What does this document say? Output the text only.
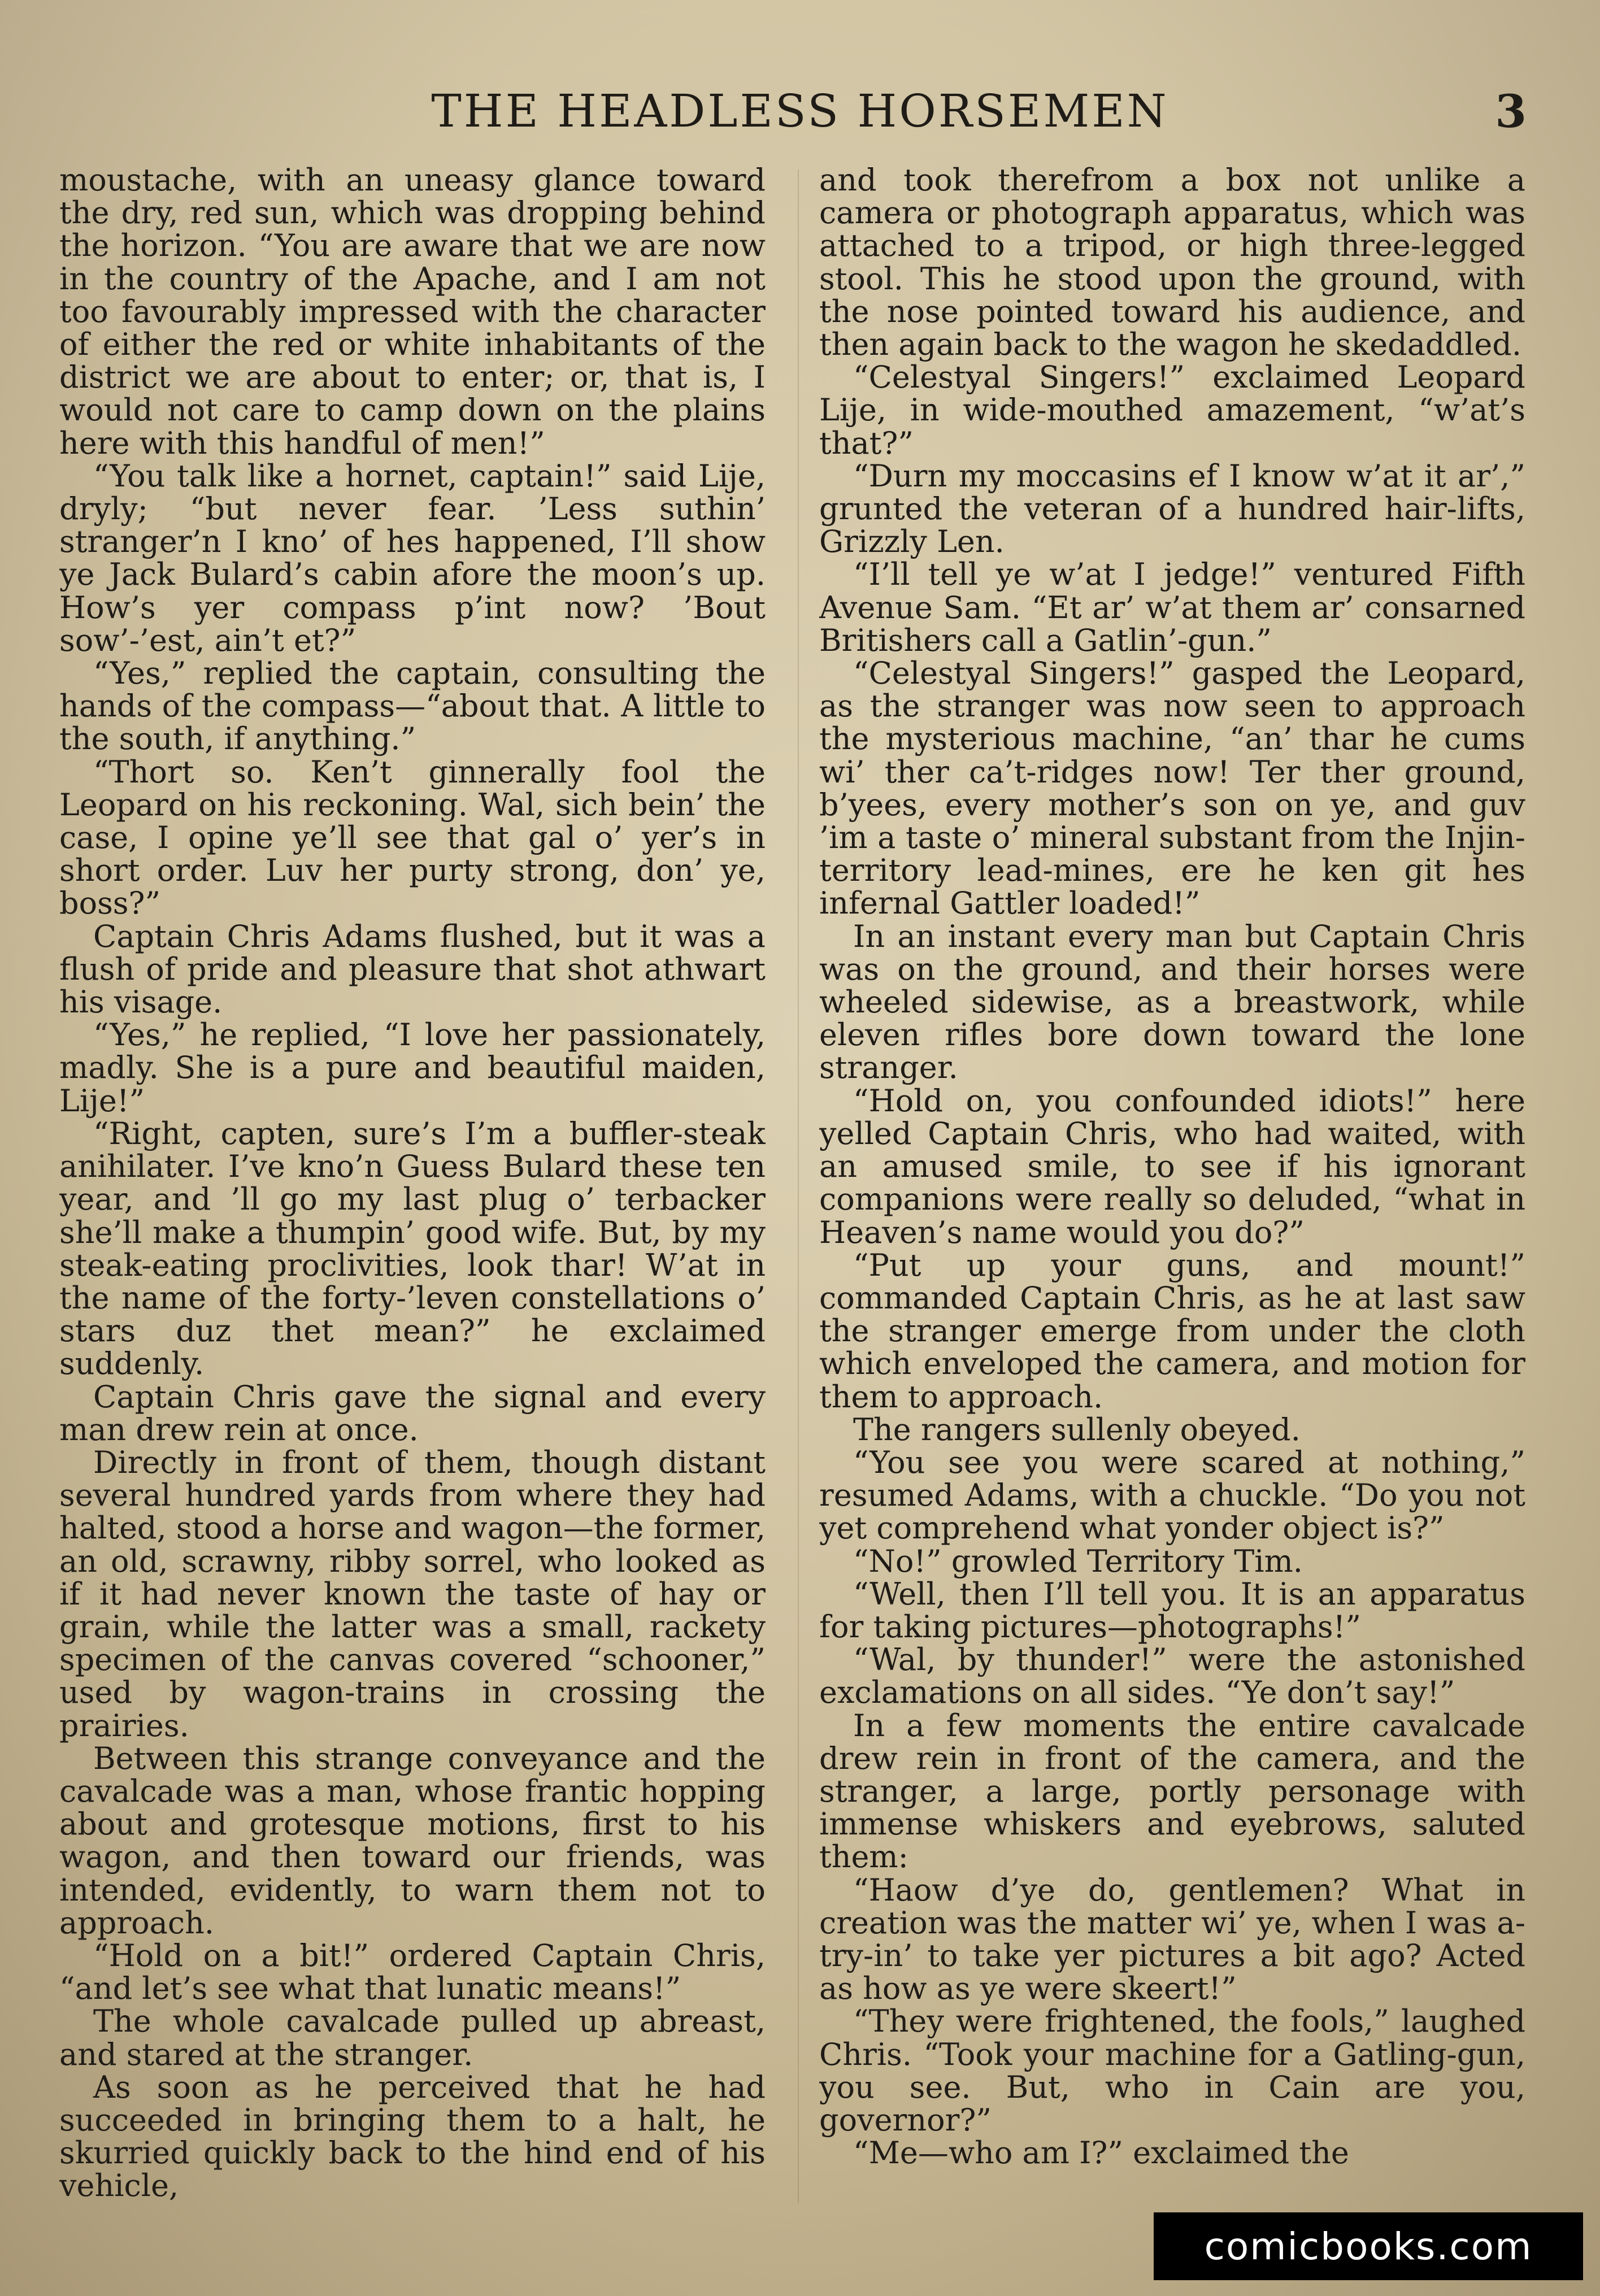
THE HEADLESS HORSEMEN	3

moustache, with an uneasy glance toward the dry, red sun, which was dropping behind the horizon. “You are aware that we are now in the country of the Apache, and I am not too favourably impressed with the character of either the red or white inhabitants of the district we are about to enter; or, that is, I would not care to camp down on the plains here with this handful of men!”

“You talk like a hornet, captain!” said Lije, dryly; “but never fear. ’Less suthin’ stranger’n I kno’ of hes happened, I’ll show ye Jack Bulard’s cabin afore the moon’s up. How’s yer compass p’int now? ’Bout sow’-’est, ain’t et?”

“Yes,” replied the captain, consulting the hands of the compass—“about that. A little to the south, if anything.”

“Thort so. Ken’t ginnerally fool the Leopard on his reckoning. Wal, sich bein’ the case, I opine ye’ll see that gal o’ yer’s in short order. Luv her purty strong, don’ ye, boss?”

Captain Chris Adams flushed, but it was a flush of pride and pleasure that shot athwart his visage.

“Yes,” he replied, “I love her passionately, madly. She is a pure and beautiful maiden, Lije!”

“Right, capten, sure’s I’m a buffler-steak anihilater. I’ve kno’n Guess Bulard these ten year, and ’ll go my last plug o’ terbacker she’ll make a thumpin’ good wife. But, by my steak-eating proclivities, look thar! W’at in the name of the forty-’leven constellations o’ stars duz thet mean?” he exclaimed suddenly.

Captain Chris gave the signal and every man drew rein at once.

Directly in front of them, though distant several hundred yards from where they had halted, stood a horse and wagon—the former, an old, scrawny, ribby sorrel, who looked as if it had never known the taste of hay or grain, while the latter was a small, rackety specimen of the canvas covered “schooner,” used by wagon-trains in crossing the prairies.

Between this strange conveyance and the cavalcade was a man, whose frantic hopping about and grotesque motions, first to his wagon, and then toward our friends, was intended, evidently, to warn them not to approach.

“Hold on a bit!” ordered Captain Chris, “and let’s see what that lunatic means!”

The whole cavalcade pulled up abreast, and stared at the stranger.

As soon as he perceived that he had succeeded in bringing them to a halt, he skurried quickly back to the hind end of his vehicle,

and took therefrom a box not unlike a camera or photograph apparatus, which was attached to a tripod, or high three-legged stool. This he stood upon the ground, with the nose pointed toward his audience, and then again back to the wagon he skedaddled.

“Celestyal Singers!” exclaimed Leopard Lije, in wide-mouthed amazement, “w’at’s that?”

“Durn my moccasins ef I know w’at it ar’,” grunted the veteran of a hundred hair-lifts, Grizzly Len.

“I’ll tell ye w’at I jedge!” ventured Fifth Avenue Sam. “Et ar’ w’at them ar’ consarned Britishers call a Gatlin’-gun.”

“Celestyal Singers!” gasped the Leopard, as the stranger was now seen to approach the mysterious machine, “an’ thar he cums wi’ ther ca’t-ridges now! Ter ther ground, b’yees, every mother’s son on ye, and guv ’im a taste o’ mineral substant from the Injin-territory lead-mines, ere he ken git hes infernal Gattler loaded!”

In an instant every man but Captain Chris was on the ground, and their horses were wheeled sidewise, as a breastwork, while eleven rifles bore down toward the lone stranger.

“Hold on, you confounded idiots!” here yelled Captain Chris, who had waited, with an amused smile, to see if his ignorant companions were really so deluded, “what in Heaven’s name would you do?”

“Put up your guns, and mount!” commanded Captain Chris, as he at last saw the stranger emerge from under the cloth which enveloped the camera, and motion for them to approach.

The rangers sullenly obeyed.

“You see you were scared at nothing,” resumed Adams, with a chuckle. “Do you not yet comprehend what yonder object is?”

“No!” growled Territory Tim.

“Well, then I’ll tell you. It is an apparatus for taking pictures—photographs!”

“Wal, by thunder!” were the astonished exclamations on all sides. “Ye don’t say!”

In a few moments the entire cavalcade drew rein in front of the camera, and the stranger, a large, portly personage with immense whiskers and eyebrows, saluted them:

“Haow d’ye do, gentlemen? What in creation was the matter wi’ ye, when I was a-try-in’ to take yer pictures a bit ago? Acted as how as ye were skeert!”

“They were frightened, the fools,” laughed Chris. “Took your machine for a Gatling-gun, you see. But, who in Cain are you, governor?”

“Me—who am I?” exclaimed the

comicbooks.com
